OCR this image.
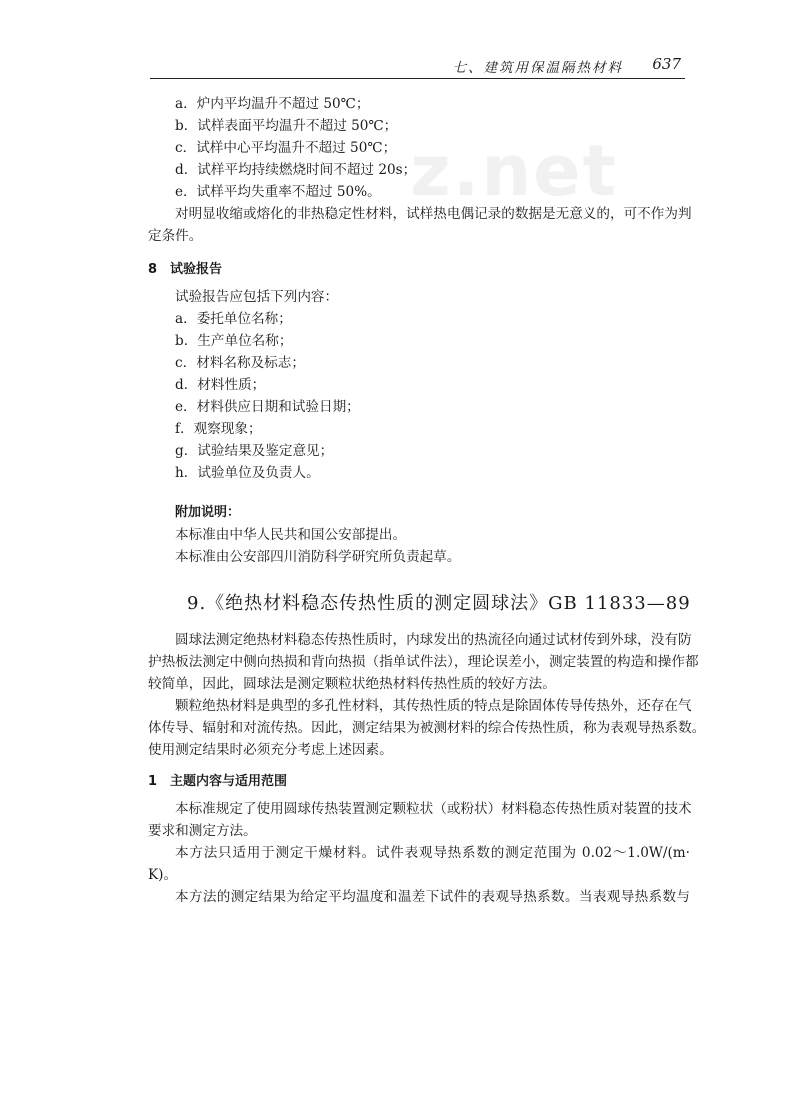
七、建筑用保温隔热材料 637
z.net
a．炉内平均温升不超过 50℃；
b．试样表面平均温升不超过 50℃；
c．试样中心平均温升不超过 50℃；
d．试样平均持续燃烧时间不超过 20s；
e．试样平均失重率不超过 50%。
对明显收缩或熔化的非热稳定性材料，试样热电偶记录的数据是无意义的，可不作为判
定条件。
8　试验报告
试验报告应包括下列内容：
a．委托单位名称；
b．生产单位名称；
c．材料名称及标志；
d．材料性质；
e．材料供应日期和试验日期；
f．观察现象；
g．试验结果及鉴定意见；
h．试验单位及负责人。
附加说明：
本标准由中华人民共和国公安部提出。
本标准由公安部四川消防科学研究所负责起草。
9.《绝热材料稳态传热性质的测定圆球法》GB 11833—89
圆球法测定绝热材料稳态传热性质时，内球发出的热流径向通过试材传到外球，没有防
护热板法测定中侧向热损和背向热损（指单试件法），理论误差小，测定装置的构造和操作都
较简单，因此，圆球法是测定颗粒状绝热材料传热性质的较好方法。
颗粒绝热材料是典型的多孔性材料，其传热性质的特点是除固体传导传热外，还存在气
体传导、辐射和对流传热。因此，测定结果为被测材料的综合传热性质，称为表观导热系数。
使用测定结果时必须充分考虑上述因素。
1　主题内容与适用范围
本标准规定了使用圆球传热装置测定颗粒状（或粉状）材料稳态传热性质对装置的技术
要求和测定方法。
本方法只适用于测定干燥材料。试件表观导热系数的测定范围为 0.02～1.0W/(m·
K)。
本方法的测定结果为给定平均温度和温差下试件的表观导热系数。当表观导热系数与
